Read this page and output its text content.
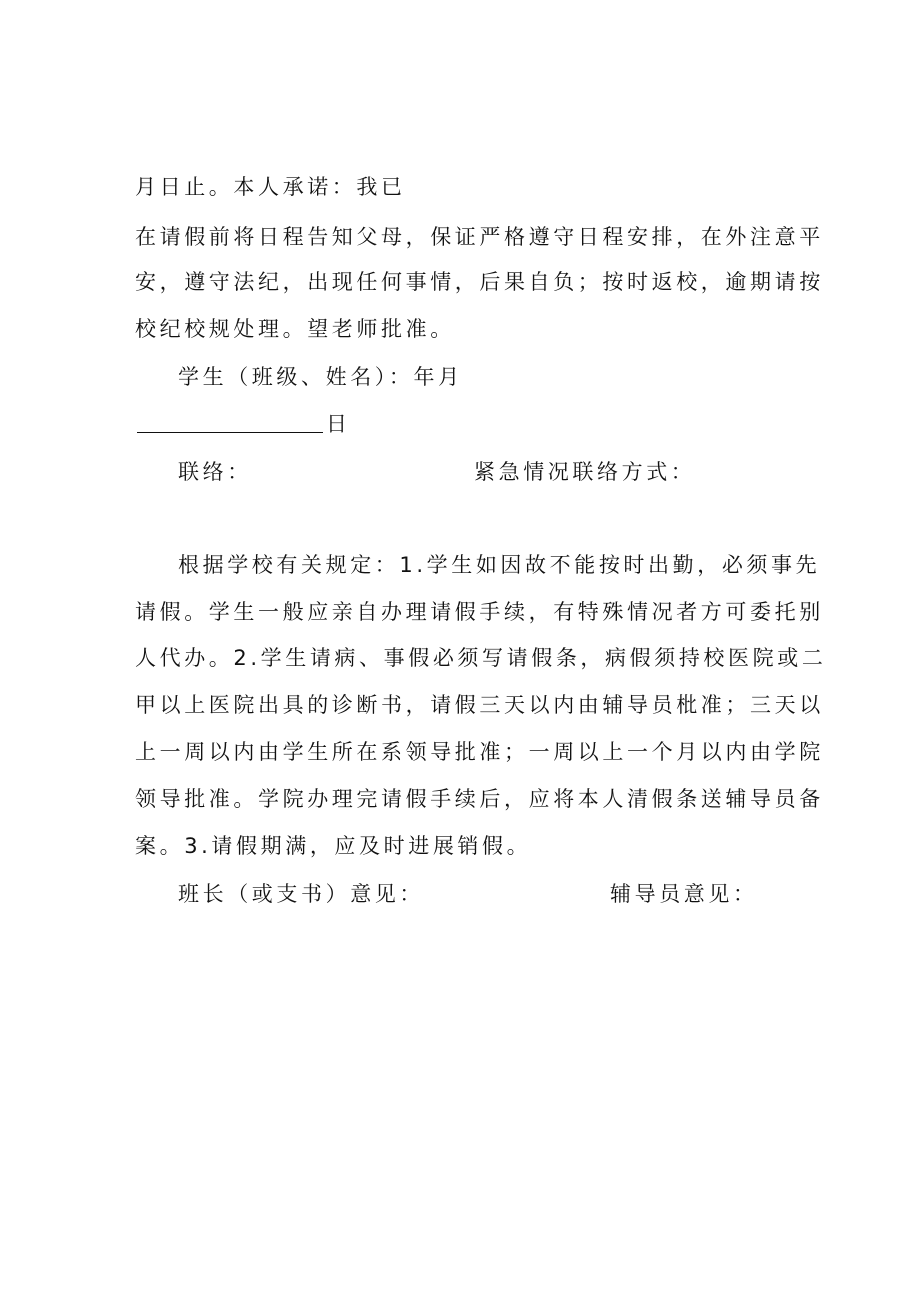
月日止。本人承诺：我已
在请假前将日程告知父母，保证严格遵守日程安排，在外注意平
安，遵守法纪，出现任何事情，后果自负；按时返校，逾期请按
校纪校规处理。望老师批准。
学生（班级、姓名）：年月
日
联络：	紧急情况联络方式：
根据学校有关规定：1.学生如因故不能按时出勤，必须事先
请假。学生一般应亲自办理请假手续，有特殊情况者方可委托别
人代办。2.学生请病、事假必须写请假条，病假须持校医院或二
甲以上医院出具的诊断书，请假三天以内由辅导员枇准；三天以
上一周以内由学生所在系领导批准；一周以上一个月以内由学院
领导批准。学院办理完请假手续后，应将本人清假条送辅导员备
案。3.请假期满，应及时进展销假。
班长（或支书）意见：	辅导员意见：
